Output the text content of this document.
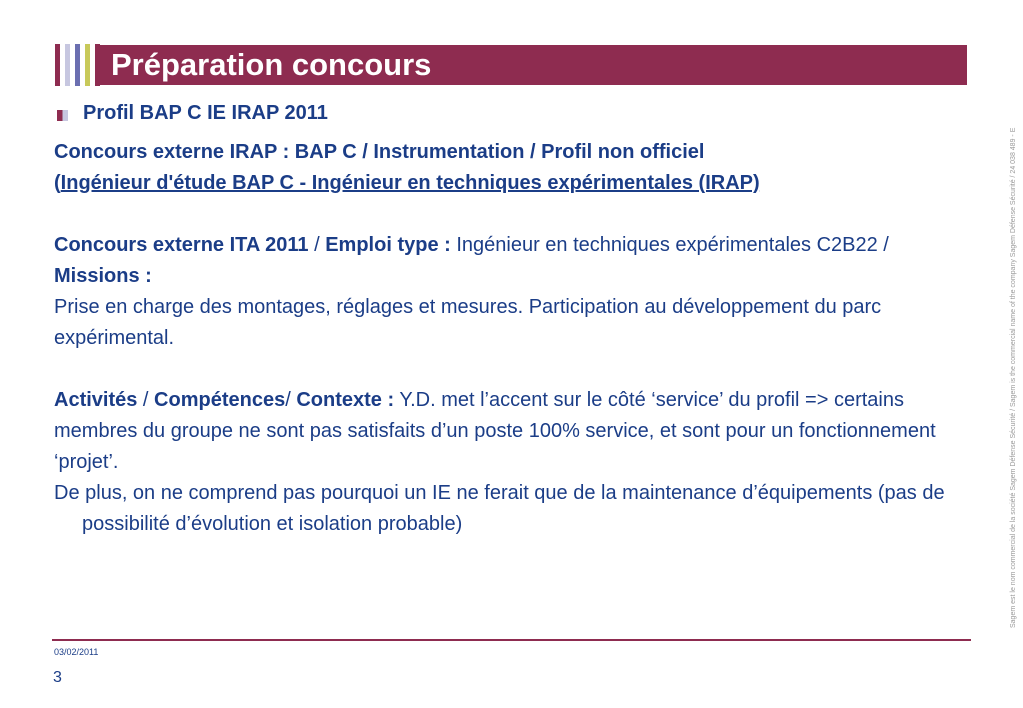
Préparation concours
Profil BAP C IE IRAP 2011

Concours externe IRAP : BAP C / Instrumentation / Profil non officiel
(Ingénieur d'étude BAP C - Ingénieur en techniques expérimentales (IRAP)

Concours externe ITA 2011 / Emploi type : Ingénieur en techniques expérimentales C2B22 / Missions :
Prise en charge des montages, réglages et mesures. Participation au développement du parc expérimental.

Activités / Compétences/ Contexte : Y.D. met l’accent sur le côté ‘service’ du profil => certains membres du groupe ne sont pas satisfaits d’un poste 100% service, et sont pour un fonctionnement ‘projet’.

De plus, on ne comprend pas pourquoi un IE ne ferait que de la maintenance d’équipements (pas de possibilité d’évolution et isolation probable)

03/02/2011
3
Sagem est le nom commercial de la société Sagem Défense Sécurité / Sagem is the commercial name of the company Sagem Défense Sécurité / 24 038 489 - E
